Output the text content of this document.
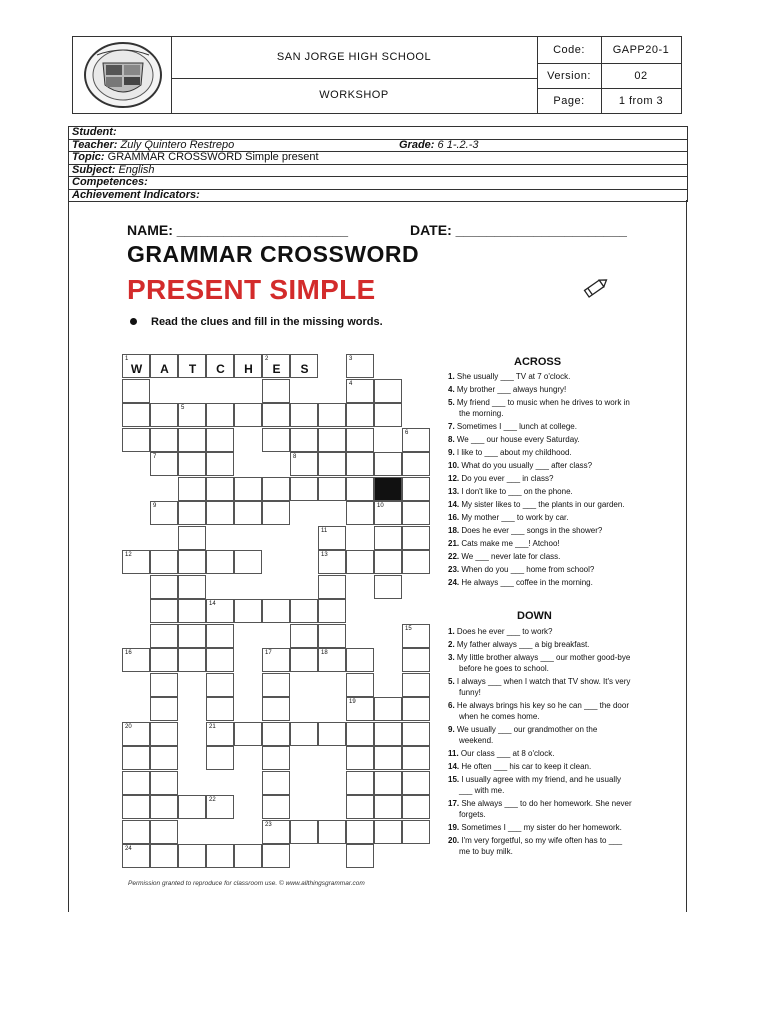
SAN JORGE HIGH SCHOOL
WORKSHOP
Code:	GAPP20-1
Version:	02
Page:	1 from 3
Student:
Teacher: Zuly Quintero Restrepo	Grade: 6 1-.2.-3
Topic: GRAMMAR CROSSWORD Simple present
Subject: English
Competences:
Achievement Indicators:
NAME: ______________________	DATE: ______________________
GRAMMAR CROSSWORD
PRESENT SIMPLE
Read the clues and fill in the missing words.
1
W	A	T	C	H
2
E	S
3
4
5
6
7	8
9
11
13
18
10
12
14
21
15
16	17
23
19
20
24
22
ACROSS
1. She usually ___ TV at 7 o'clock.
4. My brother ___ always hungry!
5. My friend ___ to music when he drives to work in the morning.
7. Sometimes I ___ lunch at college.
8. We ___ our house every Saturday.
9. I like to ___ about my childhood.
10. What do you usually ___ after class?
12. Do you ever ___ in class?
13. I don't like to ___ on the phone.
14. My sister likes to ___ the plants in our garden.
16. My mother ___ to work by car.
18. Does he ever ___ songs in the shower?
21. Cats make me ___! Atchoo!
22. We ___ never late for class.
23. When do you ___ home from school?
24. He always ___ coffee in the morning.
DOWN
1. Does he ever ___ to work?
2. My father always ___ a big breakfast.
3. My little brother always ___ our mother good-bye before he goes to school.
5. I always ___ when I watch that TV show. It's very funny!
6. He always brings his key so he can ___ the door when he comes home.
9. We usually ___ our grandmother on the weekend.
11. Our class ___ at 8 o'clock.
14. He often ___ his car to keep it clean.
15. I usually agree with my friend, and he usually ___ with me.
17. She always ___ to do her homework. She never forgets.
19. Sometimes I ___ my sister do her homework.
20. I'm very forgetful, so my wife often has to ___ me to buy milk.
Permission granted to reproduce for classroom use. © www.allthingsgrammar.com
